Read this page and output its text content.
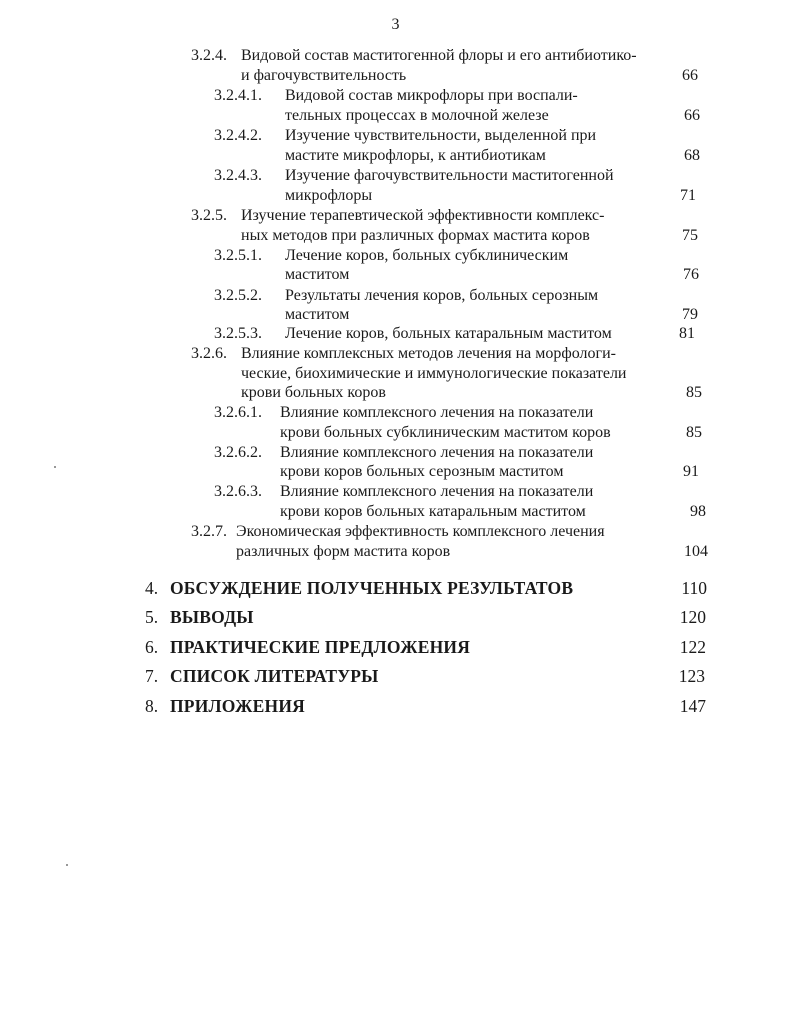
3
3.2.4. Видовой состав маститогенной флоры и его антибиотико-
и фагочувствительность	66
3.2.4.1. Видовой состав микрофлоры при воспали-
тельных процессах в молочной железе	66
3.2.4.2. Изучение чувствительности, выделенной при
мастите микрофлоры, к антибиотикам	68
3.2.4.3. Изучение фагочувствительности маститогенной
микрофлоры	71
3.2.5. Изучение терапевтической эффективности комплекс-
ных методов при различных формах мастита коров	75
3.2.5.1. Лечение коров, больных субклиническим
маститом	76
3.2.5.2. Результаты лечения коров, больных серозным
маститом	79
3.2.5.3. Лечение коров, больных катаральным маститом	81
3.2.6. Влияние комплексных методов лечения на морфологи-
ческие, биохимические и иммунологические показатели
крови больных коров	85
3.2.6.1. Влияние комплексного лечения на показатели
крови больных субклиническим маститом коров	85
3.2.6.2. Влияние комплексного лечения на показатели
крови коров больных серозным маститом	91
3.2.6.3. Влияние комплексного лечения на показатели
крови коров больных катаральным маститом	98
3.2.7. Экономическая эффективность комплексного лечения
различных форм мастита коров	104
4. ОБСУЖДЕНИЕ ПОЛУЧЕННЫХ РЕЗУЛЬТАТОВ	110
5. ВЫВОДЫ	120
6. ПРАКТИЧЕСКИЕ ПРЕДЛОЖЕНИЯ	122
7. СПИСОК ЛИТЕРАТУРЫ	123
8. ПРИЛОЖЕНИЯ	147
